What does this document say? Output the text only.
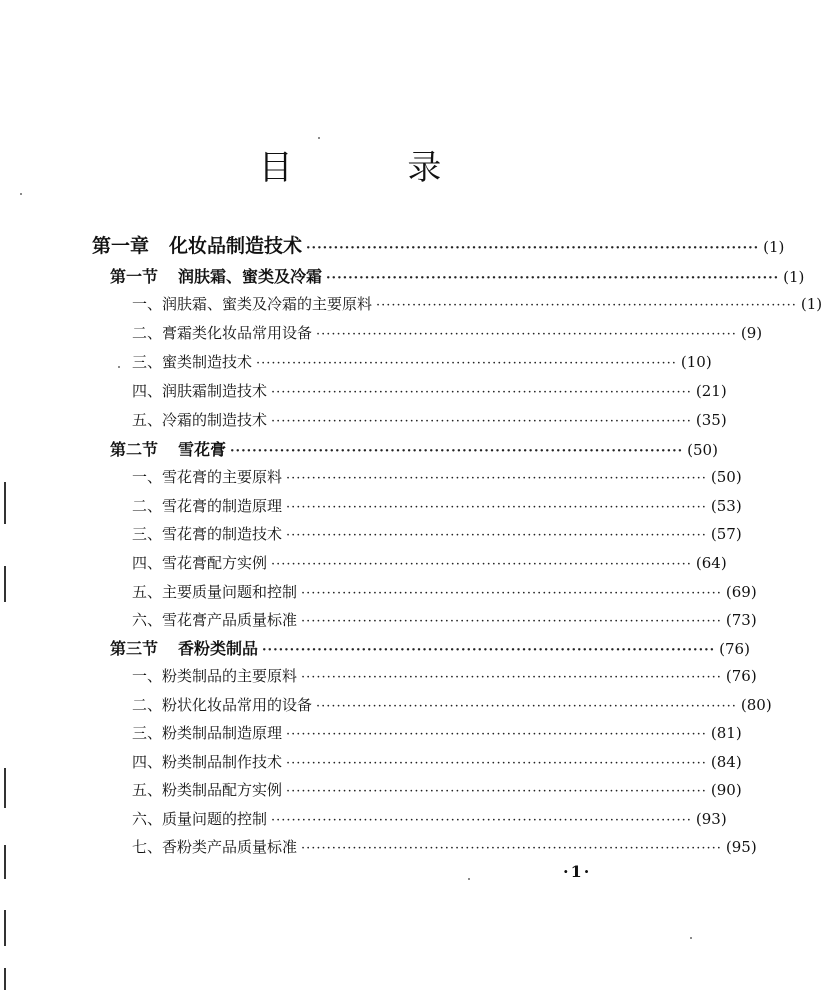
目 录
第一章 化妆品制造技术 ·················································································· (1)
第一节 润肤霜、蜜类及冷霜 ·················································································· (1)
一、润肤霜、蜜类及冷霜的主要原料 ·················································································· (1)
二、膏霜类化妆品常用设备 ·················································································· (9)
三、蜜类制造技术 ·················································································· (10)
四、润肤霜制造技术 ·················································································· (21)
五、冷霜的制造技术 ·················································································· (35)
第二节 雪花膏 ·················································································· (50)
一、雪花膏的主要原料 ·················································································· (50)
二、雪花膏的制造原理 ·················································································· (53)
三、雪花膏的制造技术 ·················································································· (57)
四、雪花膏配方实例 ·················································································· (64)
五、主要质量问题和控制 ·················································································· (69)
六、雪花膏产品质量标准 ·················································································· (73)
第三节 香粉类制品 ·················································································· (76)
一、粉类制品的主要原料 ·················································································· (76)
二、粉状化妆品常用的设备 ·················································································· (80)
三、粉类制品制造原理 ·················································································· (81)
四、粉类制品制作技术 ·················································································· (84)
五、粉类制品配方实例 ·················································································· (90)
六、质量问题的控制 ·················································································· (93)
七、香粉类产品质量标准 ·················································································· (95)
·1·
